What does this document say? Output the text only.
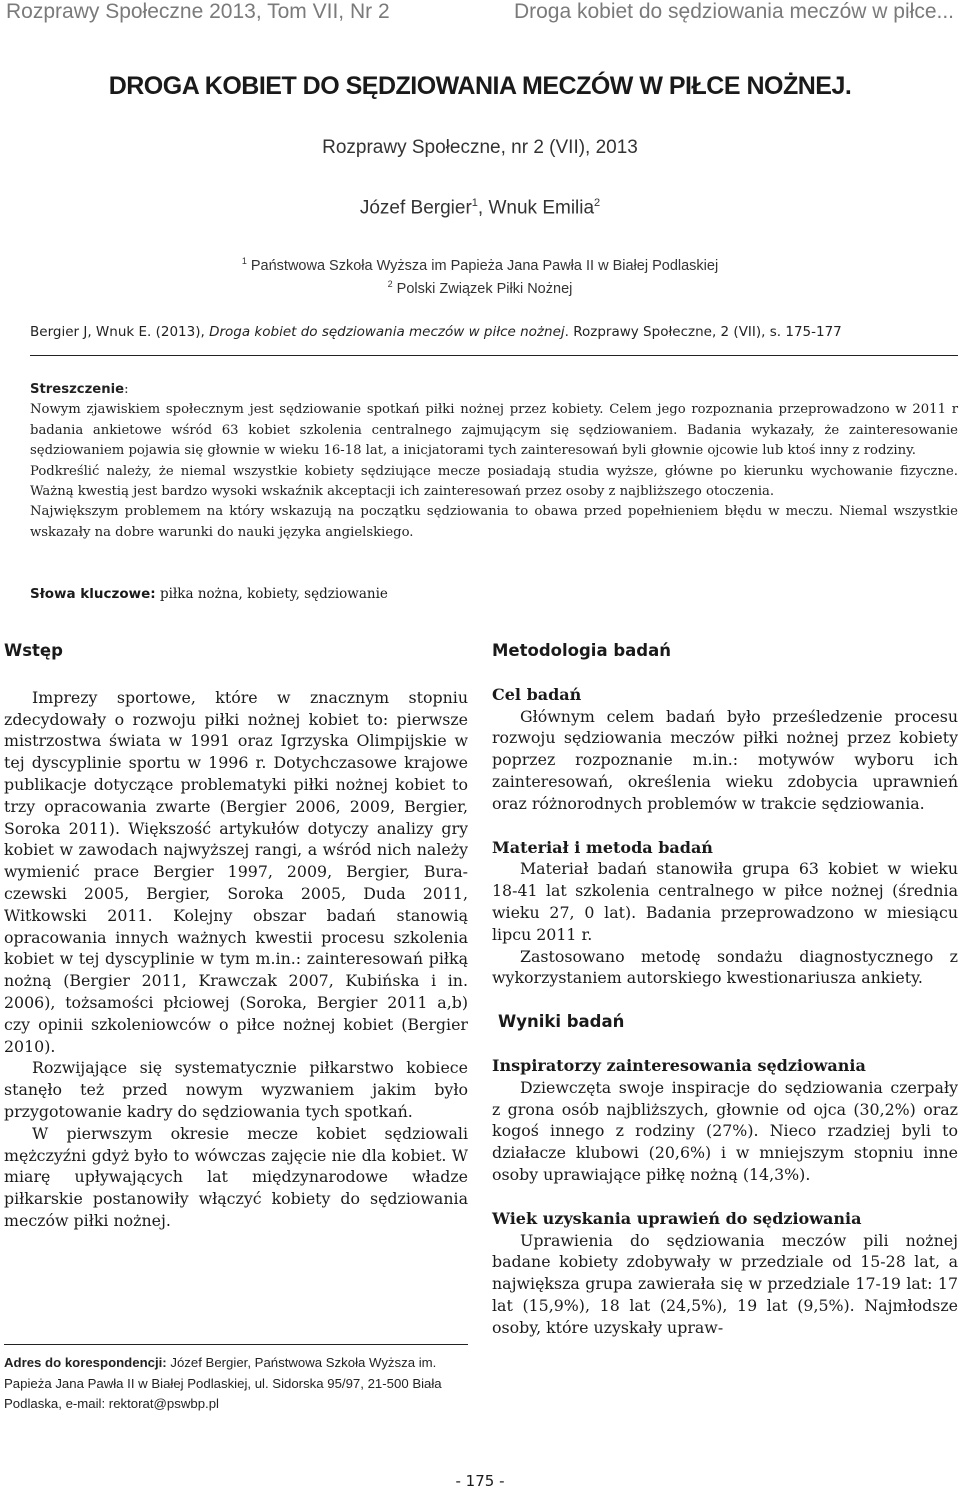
Rozprawy Społeczne 2013, Tom VII, Nr 2	Droga kobiet do sędziowania meczów w piłce...
DROGA KOBIET DO SĘDZIOWANIA MECZÓW W PIŁCE NOŻNEJ.
Rozprawy Społeczne, nr 2 (VII), 2013
Józef Bergier$^1$, Wnuk Emilia$^2$
$^1$ Państwowa Szkoła Wyższa im Papieża Jana Pawła II w Białej Podlaskiej
$^2$ Polski Związek Piłki Nożnej
Bergier J, Wnuk E. (2013), Droga kobiet do sędziowania meczów w piłce nożnej. Rozprawy Społeczne, 2 (VII), s. 175-177

Streszczenie:

Nowym zjawiskiem społecznym jest sędziowanie spotkań piłki nożnej przez kobiety. Celem jego rozpoznania przeprowadzono w 2011 r badania ankietowe wśród 63 kobiet szkolenia centralnego zajmującym się sędziowaniem. Badania wykazały, że zainteresowanie sędziowaniem pojawia się głownie w wieku 16-18 lat, a inicjatorami tych zainteresowań byli głownie ojcowie lub ktoś inny z rodziny.

Podkreślić należy, że niemal wszystkie kobiety sędziujące mecze posiadają studia wyższe, główne po kierunku wychowanie fizyczne. Ważną kwestią jest bardzo wysoki wskaźnik akceptacji ich zainteresowań przez osoby z najbliższego otoczenia.

Największym problemem na który wskazują na początku sędziowania to obawa przed popełnieniem błędu w meczu. Niemal wszystkie wskazały na dobre warunki do nauki języka angielskiego.

Słowa kluczowe: piłka nożna, kobiety, sędziowanie
Wstęp

Imprezy sportowe, które w znacznym stopniu zdecydowały o rozwoju piłki nożnej kobiet to: pierwsze mistrzostwa świata w 1991 oraz Igrzyska Olimpijskie w tej dyscyplinie sportu w 1996 r. Dotychczasowe krajowe publikacje dotyczące problematyki piłki nożnej kobiet to trzy opracowania zwarte (Bergier 2006, 2009, Bergier, Soroka 2011). Większość artykułów dotyczy analizy gry kobiet w zawodach najwyższej rangi, a wśród nich należy wymienić prace Bergier 1997, 2009, Bergier, Buraczewski 2005, Bergier, Soroka 2005, Duda 2011, Witkowski 2011. Kolejny obszar badań stanowią opracowania innych ważnych kwestii procesu szkolenia kobiet w tej dyscyplinie w tym m.in.: zainteresowań piłką nożną (Bergier 2011, Krawczak 2007, Kubińska i in. 2006), tożsamości płciowej (Soroka, Bergier 2011 a,b) czy opinii szkoleniowców o piłce nożnej kobiet (Bergier 2010).

Rozwijające się systematycznie piłkarstwo kobiece stanęło też przed nowym wyzwaniem jakim było przygotowanie kadry do sędziowania tych spotkań.

W pierwszym okresie mecze kobiet sędziowali mężczyźni gdyż było to wówczas zajęcie nie dla kobiet. W miarę upływających lat międzynarodowe władze piłkarskie postanowiły włączyć kobiety do sędziowania meczów piłki nożnej.

Adres do korespondencji: Józef Bergier, Państwowa Szkoła Wyższa im. Papieża Jana Pawła II w Białej Podlaskiej, ul. Sidorska 95/97, 21-500 Biała Podlaska, e-mail: rektorat@pswbp.pl
Metodologia badań
Cel badań

Głównym celem badań było prześledzenie procesu rozwoju sędziowania meczów piłki nożnej przez kobiety poprzez rozpoznanie m.in.: motywów wyboru ich zainteresowań, określenia wieku zdobycia uprawnień oraz różnorodnych problemów w trakcie sędziowania.

Materiał i metoda badań

Materiał badań stanowiła grupa 63 kobiet w wieku 18-41 lat szkolenia centralnego w piłce nożnej (średnia wieku 27, 0 lat). Badania przeprowadzono w miesiącu lipcu 2011 r.

Zastosowano metodę sondażu diagnostycznego z wykorzystaniem autorskiego kwestionariusza ankiety.

Wyniki badań
Inspiratorzy zainteresowania sędziowania

Dziewczęta swoje inspiracje do sędziowania czerpały z grona osób najbliższych, głownie od ojca (30,2%) oraz kogoś innego z rodziny (27%). Nieco rzadziej byli to działacze klubowi (20,6%) i w mniejszym stopniu inne osoby uprawiające piłkę nożną (14,3%).

Wiek uzyskania uprawień do sędziowania

Uprawienia do sędziowania meczów pili nożnej badane kobiety zdobywały w przedziale od 15-28 lat, a największa grupa zawierała się w przedziale 17-19 lat: 17 lat (15,9%), 18 lat (24,5%), 19 lat (9,5%). Najmłodsze osoby, które uzyskały upraw-

- 175 -
